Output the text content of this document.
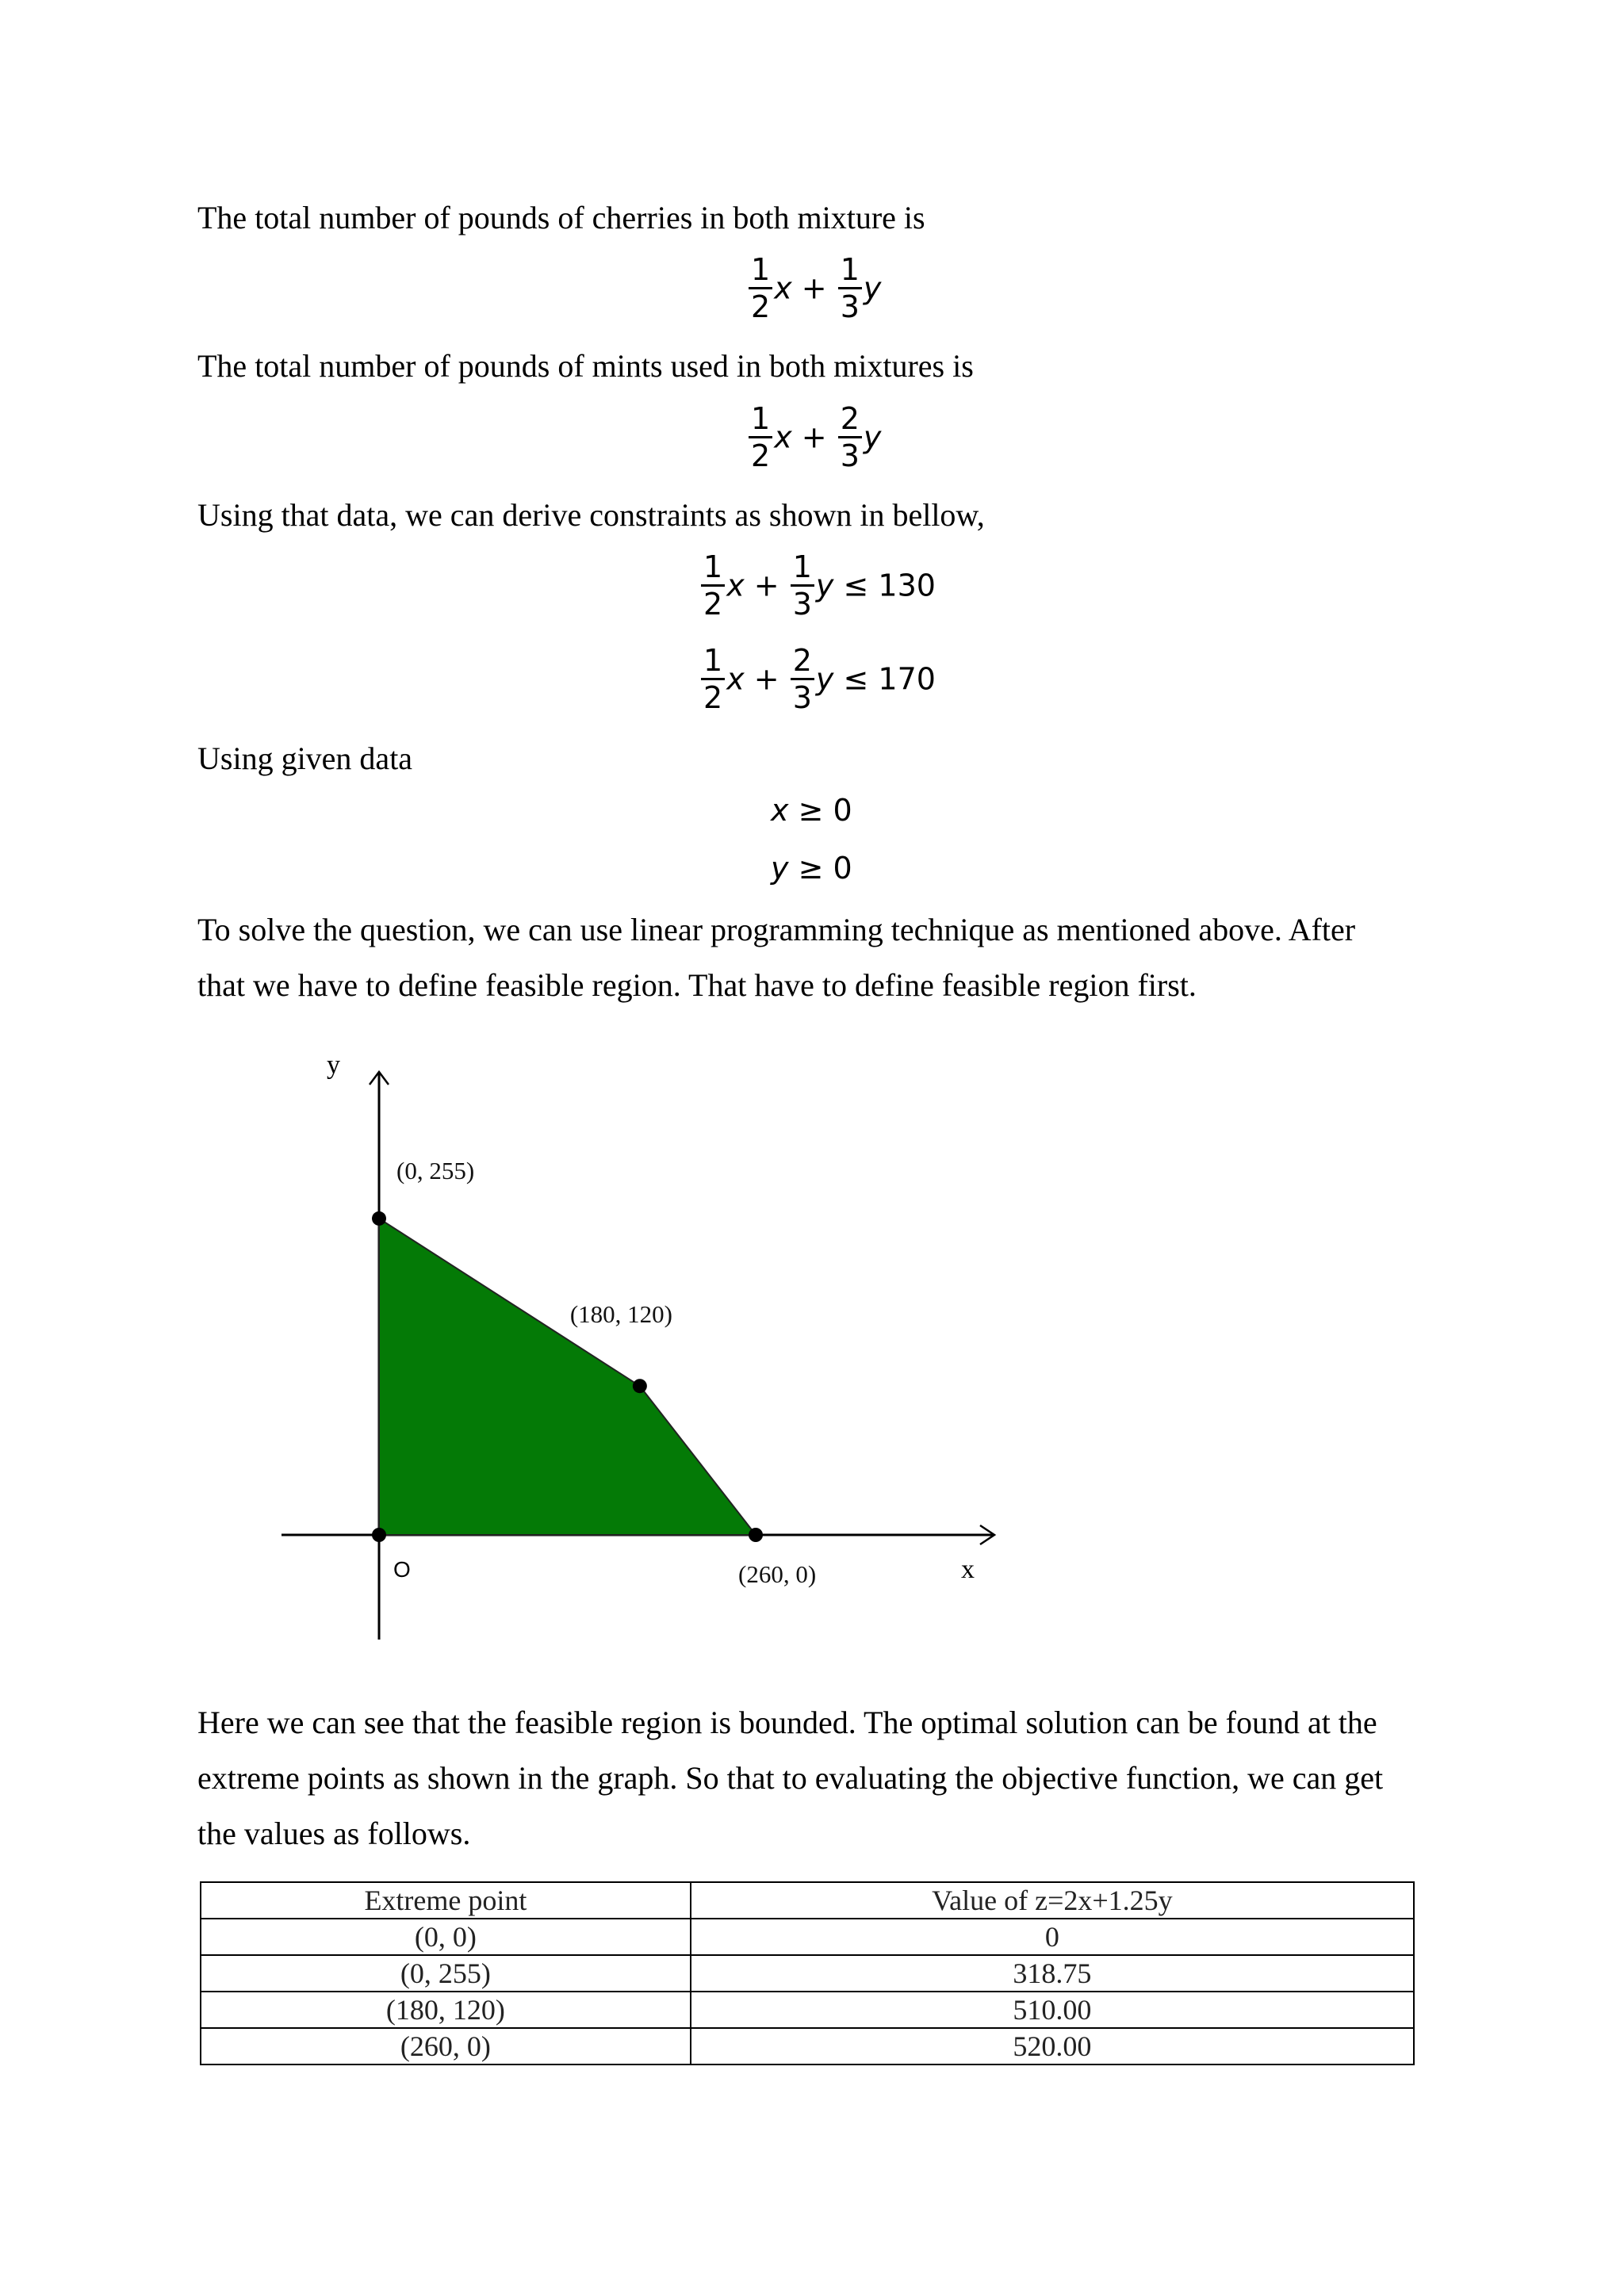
The total number of pounds of cherries in both mixture is
$\frac{1}{2}$ $x + \frac{1}{3}$ y
The total number of pounds of mints used in both mixtures is
$\frac{1}{2}$ $x + \frac{2}{3}$ y
Using that data, we can derive constraints as shown in bellow,
$\frac{1}{2}$ $x + \frac{1}{3}$ y ≤ 130
$\frac{1}{2}$ $x + \frac{2}{3}$ y ≤ 170
Using given data
x ≥ 0
y ≥ 0
To solve the question, we can use linear programming technique as mentioned above. After
that we have to define feasible region. That have to define feasible region first.
(0, 255)
(180, 120)
(260, 0)
y
x
O
Here we can see that the feasible region is bounded. The optimal solution can be found at the
extreme points as shown in the graph. So that to evaluating the objective function, we can get
the values as follows.
Extreme point	Value of z=2x+1.25y
(0, 0)	0
(0, 255)	318.75
(180, 120)	510.00
(260, 0)	520.00
